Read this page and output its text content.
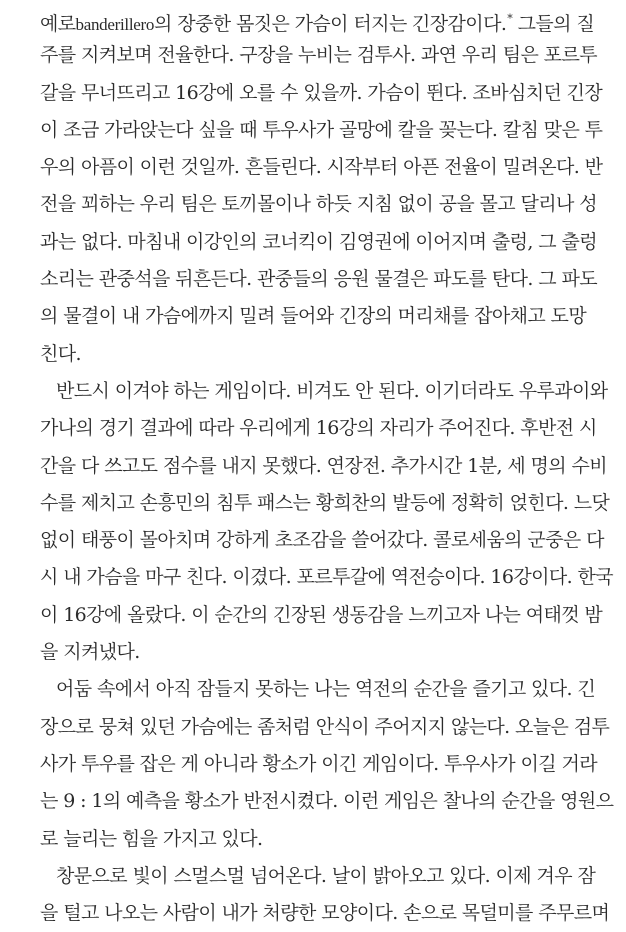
예로banderillero의 장중한 몸짓은 가슴이 터지는 긴장감이다.* 그들의 질
주를 지켜보며 전율한다. 구장을 누비는 검투사. 과연 우리 팀은 포르투
갈을 무너뜨리고 16강에 오를 수 있을까. 가슴이 뛴다. 조바심치던 긴장
이 조금 가라앉는다 싶을 때 투우사가 골망에 칼을 꽂는다. 칼침 맞은 투
우의 아픔이 이런 것일까. 흔들린다. 시작부터 아픈 전율이 밀려온다. 반
전을 꾀하는 우리 팀은 토끼몰이나 하듯 지침 없이 공을 몰고 달리나 성
과는 없다. 마침내 이강인의 코너킥이 김영권에 이어지며 출렁, 그 출렁
소리는 관중석을 뒤흔든다. 관중들의 응원 물결은 파도를 탄다. 그 파도
의 물결이 내 가슴에까지 밀려 들어와 긴장의 머리채를 잡아채고 도망
친다.
반드시 이겨야 하는 게임이다. 비겨도 안 된다. 이기더라도 우루과이와
가나의 경기 결과에 따라 우리에게 16강의 자리가 주어진다. 후반전 시
간을 다 쓰고도 점수를 내지 못했다. 연장전. 추가시간 1분, 세 명의 수비
수를 제치고 손흥민의 침투 패스는 황희찬의 발등에 정확히 얹힌다. 느닷
없이 태풍이 몰아치며 강하게 초조감을 쓸어갔다. 콜로세움의 군중은 다
시 내 가슴을 마구 친다. 이겼다. 포르투갈에 역전승이다. 16강이다. 한국
이 16강에 올랐다. 이 순간의 긴장된 생동감을 느끼고자 나는 여태껏 밤
을 지켜냈다.
어둠 속에서 아직 잠들지 못하는 나는 역전의 순간을 즐기고 있다. 긴
장으로 뭉쳐 있던 가슴에는 좀처럼 안식이 주어지지 않는다. 오늘은 검투
사가 투우를 잡은 게 아니라 황소가 이긴 게임이다. 투우사가 이길 거라
는 9 : 1의 예측을 황소가 반전시켰다. 이런 게임은 찰나의 순간을 영원으
로 늘리는 힘을 가지고 있다.
창문으로 빛이 스멀스멀 넘어온다. 날이 밝아오고 있다. 이제 겨우 잠
을 털고 나오는 사람이 내가 처량한 모양이다. 손으로 목덜미를 주무르며
